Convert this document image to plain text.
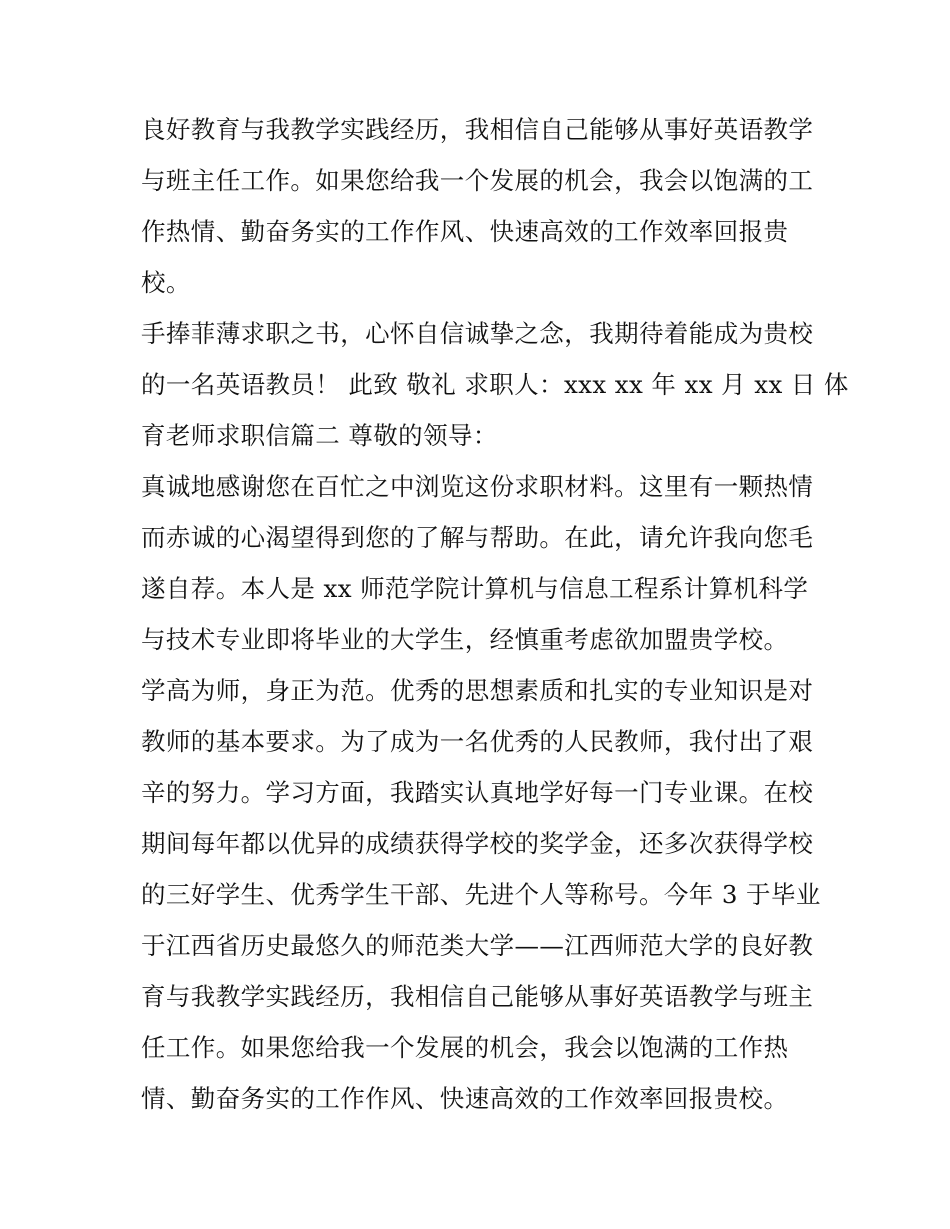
良好教育与我教学实践经历，我相信自己能够从事好英语教学
与班主任工作。如果您给我一个发展的机会，我会以饱满的工
作热情、勤奋务实的工作作风、快速高效的工作效率回报贵
校。
手捧菲薄求职之书，心怀自信诚挚之念，我期待着能成为贵校
的一名英语教员！ 此致 敬礼 求职人：xxx xx 年 xx 月 xx 日 体
育老师求职信篇二 尊敬的领导：
真诚地感谢您在百忙之中浏览这份求职材料。这里有一颗热情
而赤诚的心渴望得到您的了解与帮助。在此，请允许我向您毛
遂自荐。本人是 xx 师范学院计算机与信息工程系计算机科学
与技术专业即将毕业的大学生，经慎重考虑欲加盟贵学校。
学高为师，身正为范。优秀的思想素质和扎实的专业知识是对
教师的基本要求。为了成为一名优秀的人民教师，我付出了艰
辛的努力。学习方面，我踏实认真地学好每一门专业课。在校
期间每年都以优异的成绩获得学校的奖学金，还多次获得学校
的三好学生、优秀学生干部、先进个人等称号。今年 3 于毕业
于江西省历史最悠久的师范类大学——江西师范大学的良好教
育与我教学实践经历，我相信自己能够从事好英语教学与班主
任工作。如果您给我一个发展的机会，我会以饱满的工作热
情、勤奋务实的工作作风、快速高效的工作效率回报贵校。
